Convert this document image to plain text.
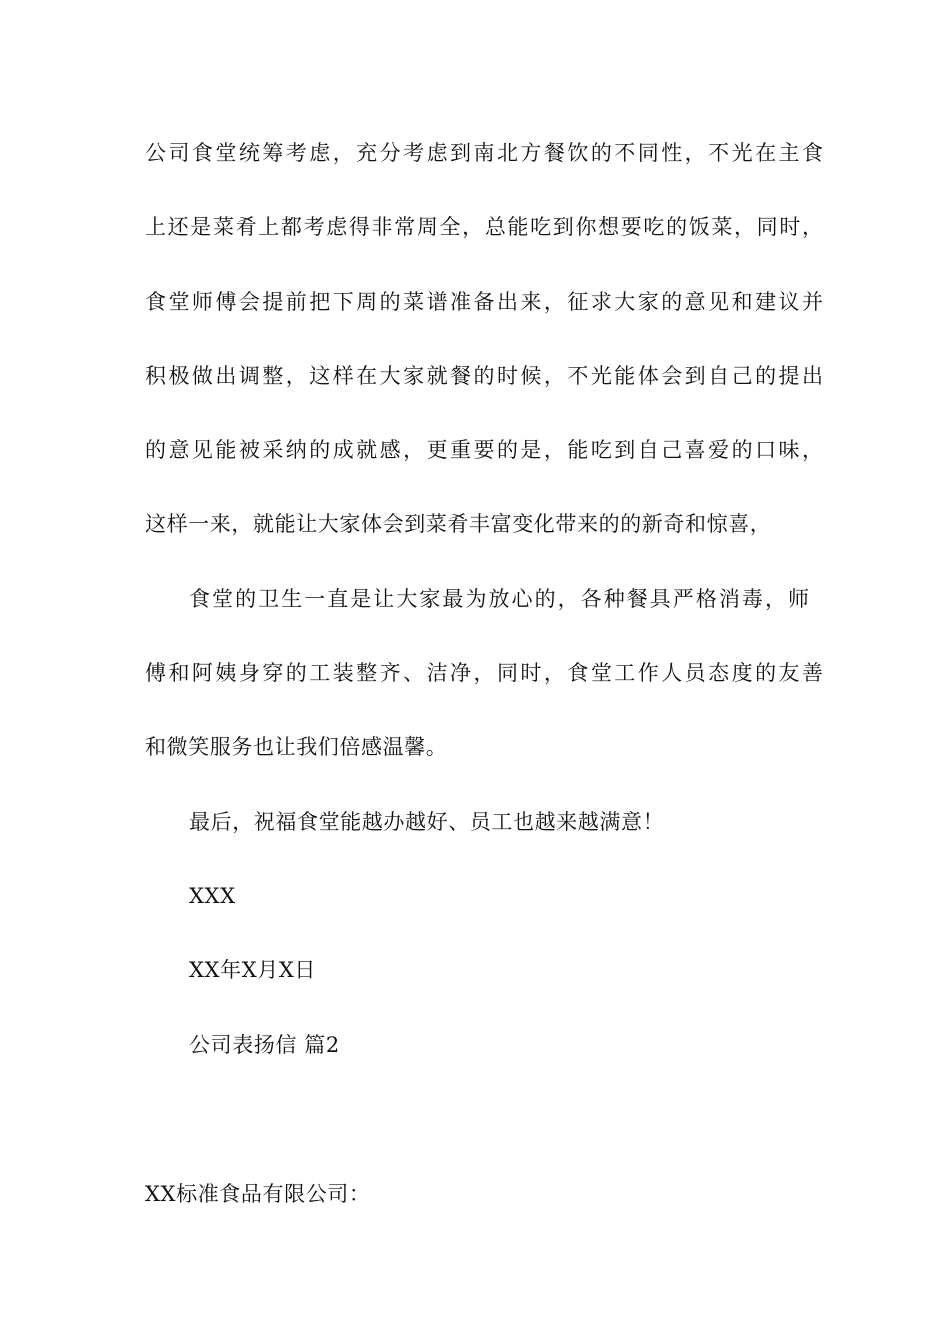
公司食堂统筹考虑，充分考虑到南北方餐饮的不同性，不光在主食
上还是菜肴上都考虑得非常周全，总能吃到你想要吃的饭菜，同时，
食堂师傅会提前把下周的菜谱准备出来，征求大家的意见和建议并
积极做出调整，这样在大家就餐的时候，不光能体会到自己的提出
的意见能被采纳的成就感，更重要的是，能吃到自己喜爱的口味，
这样一来，就能让大家体会到菜肴丰富变化带来的的新奇和惊喜，
食堂的卫生一直是让大家最为放心的，各种餐具严格消毒，师
傅和阿姨身穿的工装整齐、洁净，同时，食堂工作人员态度的友善
和微笑服务也让我们倍感温馨。
最后，祝福食堂能越办越好、员工也越来越满意！
XXX
XX年X月X日
公司表扬信 篇2
XX标准食品有限公司：
